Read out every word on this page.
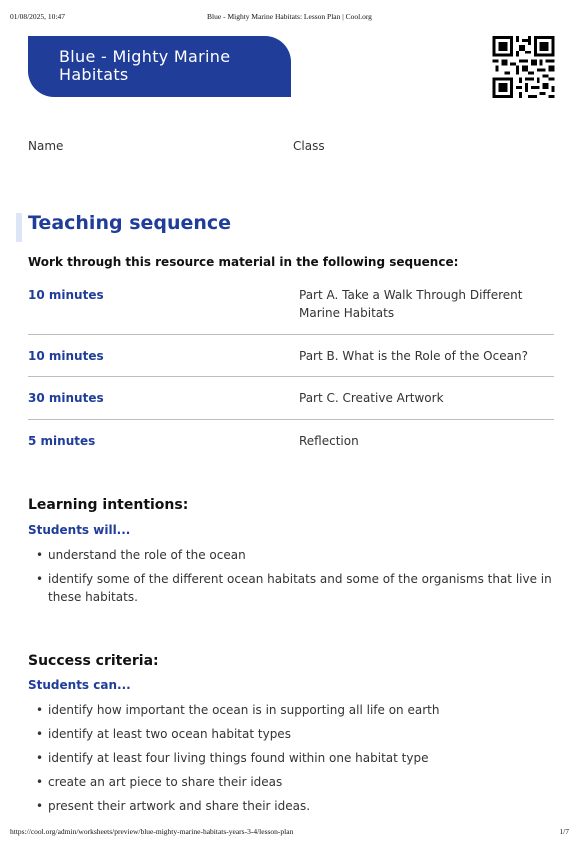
01/08/2025, 10:47	Blue - Mighty Marine Habitats: Lesson Plan | Cool.org
Blue - Mighty Marine Habitats
Name	Class
Teaching sequence
Work through this resource material in the following sequence:
10 minutes	Part A. Take a Walk Through Different Marine Habitats
10 minutes	Part B. What is the Role of the Ocean?
30 minutes	Part C. Creative Artwork
5 minutes	Reflection
Learning intentions:
Students will...
• understand the role of the ocean
• identify some of the different ocean habitats and some of the organisms that live in these habitats.
Success criteria:
Students can...
• identify how important the ocean is in supporting all life on earth
• identify at least two ocean habitat types
• identify at least four living things found within one habitat type
• create an art piece to share their ideas
• present their artwork and share their ideas.
https://cool.org/admin/worksheets/preview/blue-mighty-marine-habitats-years-3-4/lesson-plan	1/7
